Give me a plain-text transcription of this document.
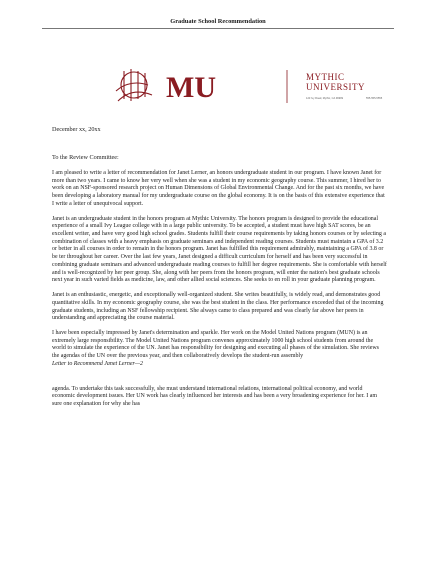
Graduate School Recommendation
MU	MYTHIC
UNIVERSITY
123 Ivy Road, Mythic, CA 99999	555-555-5555
December xx, 20xx
To the Review Committee:

I am pleased to write a letter of recommendation for Janet Lerner, an honors undergraduate student in our program. I have known Janet for more than two years. I came to know her very well when she was a student in my economic geography course. This summer, I hired her to work on an NSF-sponsored research project on Human Dimensions of Global Environmental Change. And for the past six months, we have been developing a laboratory manual for my undergraduate course on the global economy. It is on the basis of this extensive experience that I write a letter of unequivocal support.

Janet is an undergraduate student in the honors program at Mythic University. The honors program is designed to provide the educational experience of a small Ivy League college with in a large public university. To be accepted, a student must have high SAT scores, be an excellent writer, and have very good high school grades. Students fulfill their course requirements by taking honors courses or by selecting a combination of classes with a heavy emphasis on graduate seminars and independent reading courses. Students must maintain a GPA of 3.2 or better in all courses in order to remain in the honors program. Janet has fulfilled this requirement admirably, maintaining a GPA of 3.8 or be ter throughout her career. Over the last few years, Janet designed a difficult curriculum for herself and has been very successful in combining graduate seminars and advanced undergraduate reading courses to fulfill her degree requirements. She is comfortable with herself and is well-recognized by her peer group. She, along with her peers from the honors program, will enter the nation's best graduate schools next year in such varied fields as medicine, law, and other allied social sciences. She seeks to en roll in your graduate planning program.

Janet is an enthusiastic, energetic, and exceptionally well-organized student. She writes beautifully, is widely read, and demonstrates good quantitative skills. In my economic geography course, she was the best student in the class. Her performance exceeded that of the incoming graduate students, including an NSF fellowship recipient. She always came to class prepared and was clearly far above her peers in understanding and appreciating the course material.

I have been especially impressed by Janet's determination and sparkle. Her work on the Model United Nations program (MUN) is an extremely large responsibility. The Model United Nations program convenes approximately 1000 high school students from around the world to simulate the experience of the UN. Janet has responsibility for designing and executing all phases of the simulation. She reviews the agendas of the UN over the previous year, and then collaboratively develops the student-run assembly

Letter to Recommend Janet Lerner—2

agenda. To undertake this task successfully, she must understand international relations, international political economy, and world economic development issues. Her UN work has clearly influenced her interests and has been a very broadening experience for her. I am sure one explanation for why she has
